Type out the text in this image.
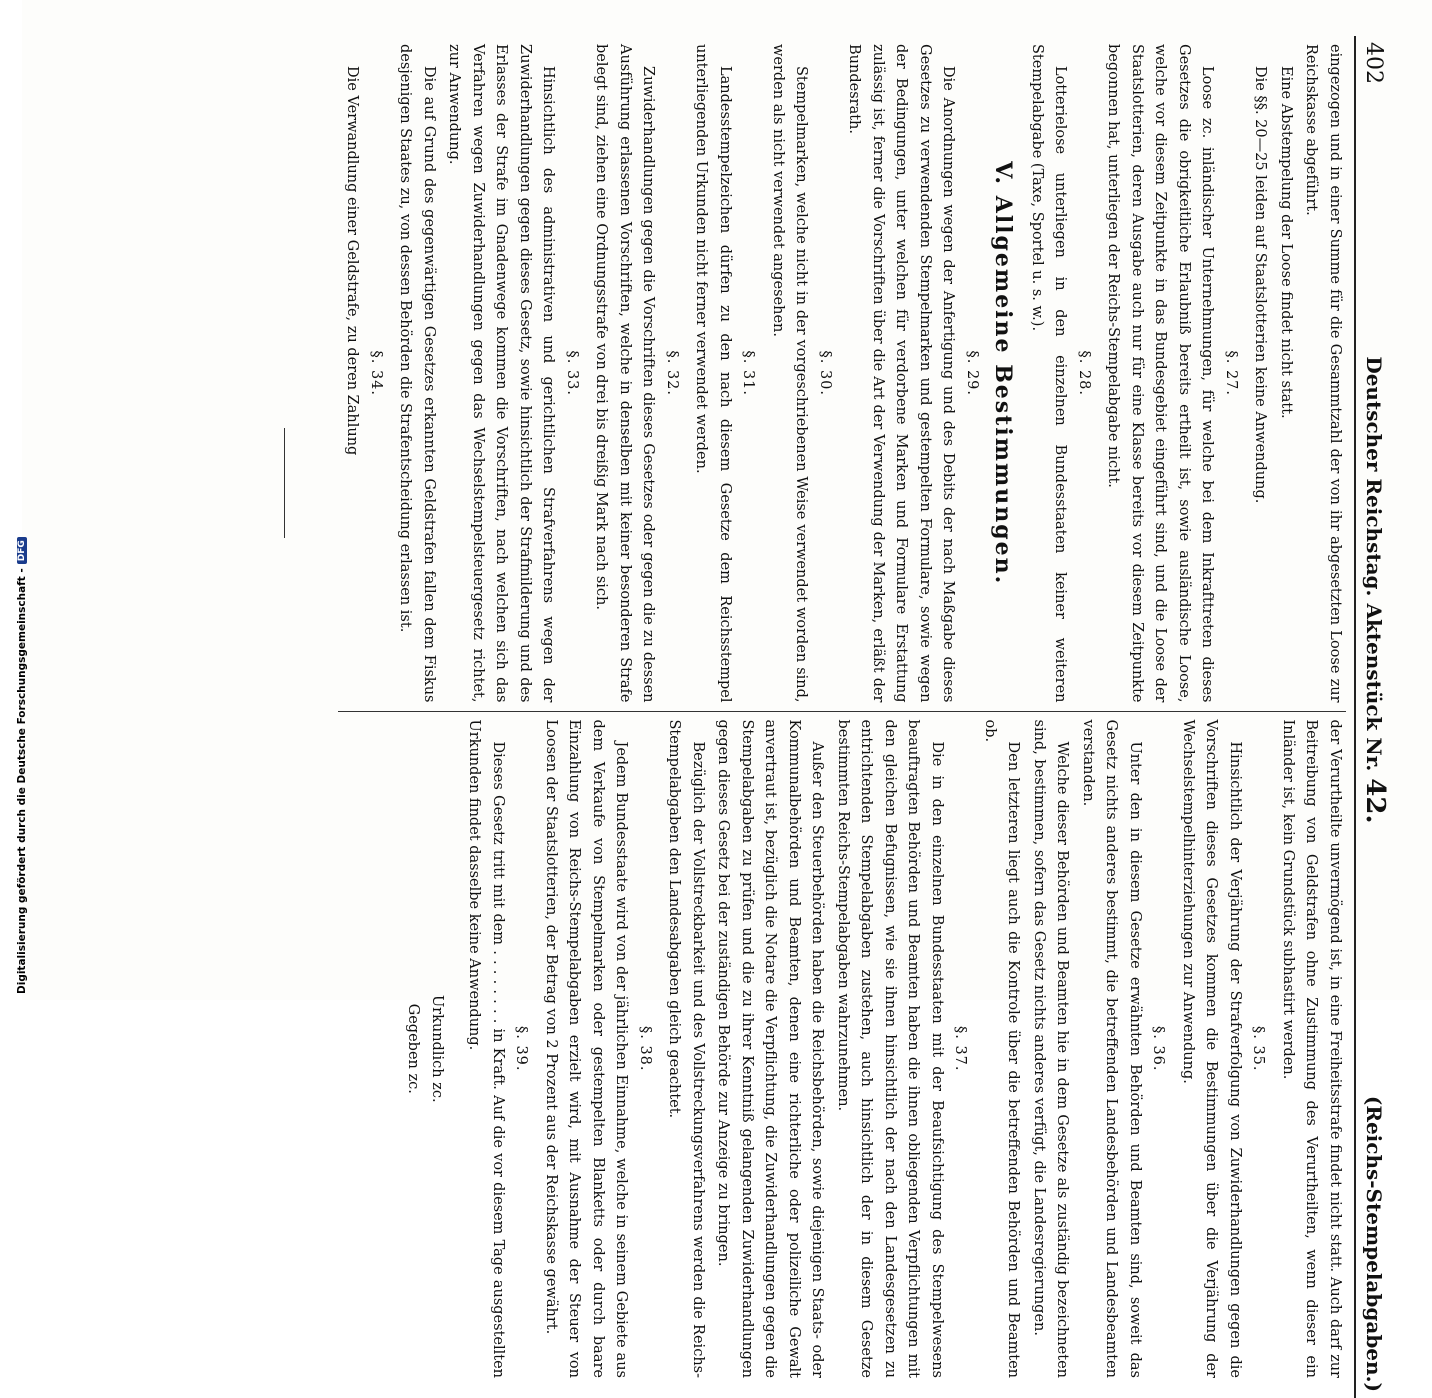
Digitalisierung gefördert durch die Deutsche Forschungsgemeinschaft -
DFG
402
Deutscher Reichstag. Aktenstück Nr. 42.
(Reichs-Stempelabgaben.)

eingezogen und in einer Summe für die Gesammtzahl der von ihr abgesetzten Loose zur Reichskasse abgeführt.

Eine Abstempelung der Loose findet nicht statt.

Die §§. 20—25 leiden auf Staatslotterien keine Anwendung.

§. 27.

Loose zc. inländischer Unternehmungen, für welche bei dem Inkrafttreten dieses Gesetzes die obrigkeitliche Erlaubniß bereits ertheilt ist, sowie ausländische Loose, welche vor diesem Zeitpunkte in das Bundesgebiet eingeführt sind, und die Loose der Staatslotterien, deren Ausgabe auch nur für eine Klasse bereits vor diesem Zeitpunkte begonnen hat, unterliegen der Reichs-Stempelabgabe nicht.

§. 28.

Lotterielose unterliegen in den einzelnen Bundesstaaten keiner weiteren Stempelabgabe (Taxe, Sportel u. s. w.).

V. Allgemeine Bestimmungen.
§. 29.

Die Anordnungen wegen der Anfertigung und des Debits der nach Maßgabe dieses Gesetzes zu verwendenden Stempelmarken und gestempelten Formulare, sowie wegen der Bedingungen, unter welchen für verdorbene Marken und Formulare Erstattung zulässig ist, ferner die Vorschriften über die Art der Verwendung der Marken, erläßt der Bundesrath.

§. 30.

Stempelmarken, welche nicht in der vorgeschriebenen Weise verwendet worden sind, werden als nicht verwendet angesehen.

§. 31.

Landesstempelzeichen dürfen zu den nach diesem Gesetze dem Reichsstempel unterliegenden Urkunden nicht ferner verwendet werden.

§. 32.

Zuwiderhandlungen gegen die Vorschriften dieses Gesetzes oder gegen die zu dessen Ausführung erlassenen Vorschriften, welche in denselben mit keiner besonderen Strafe belegt sind, ziehen eine Ordnungsstrafe von drei bis dreißig Mark nach sich.

§. 33.

Hinsichtlich des administrativen und gerichtlichen Strafverfahrens wegen der Zuwiderhandlungen gegen dieses Gesetz, sowie hinsichtlich der Strafmilderung und des Erlasses der Strafe im Gnadenwege kommen die Vorschriften, nach welchen sich das Verfahren wegen Zuwiderhandlungen gegen das Wechselstempelsteuergesetz richtet, zur Anwendung.

Die auf Grund des gegenwärtigen Gesetzes erkannten Geldstrafen fallen dem Fiskus desjenigen Staates zu, von dessen Behörden die Strafentscheidung erlassen ist.

§. 34.

Die Verwandlung einer Geldstrafe, zu deren Zahlung

der Verurtheilte unvermögend ist, in eine Freiheitsstrafe findet nicht statt. Auch darf zur Beitreibung von Geldstrafen ohne Zustimmung des Verurtheilten, wenn dieser ein Inländer ist, kein Grundstück subhastirt werden.

§. 35.

Hinsichtlich der Verjährung der Strafverfolgung von Zuwiderhandlungen gegen die Vorschriften dieses Gesetzes kommen die Bestimmungen über die Verjährung der Wechselstempelhinterziehungen zur Anwendung.

§. 36.

Unter den in diesem Gesetze erwähnten Behörden und Beamten sind, soweit das Gesetz nichts anderes bestimmt, die betreffenden Landesbehörden und Landesbeamten verstanden.

Welche dieser Behörden und Beamten hie in dem Gesetze als zuständig bezeichneten sind, bestimmen, sofern das Gesetz nichts anderes verfügt, die Landesregierungen.

Den letzteren liegt auch die Kontrole über die betreffenden Behörden und Beamten ob.

§. 37.

Die in den einzelnen Bundesstaaten mit der Beaufsichtigung des Stempelwesens beauftragten Behörden und Beamten haben die ihnen obliegenden Verpflichtungen mit den gleichen Befugnissen, wie sie ihnen hinsichtlich der nach den Landesgesetzen zu entrichtenden Stempelabgaben zustehen, auch hinsichtlich der in diesem Gesetze bestimmten Reichs-Stempelabgaben wahrzunehmen.

Außer den Steuerbehörden haben die Reichsbehörden, sowie diejenigen Staats- oder Kommunalbehörden und Beamten, denen eine richterliche oder polizeiliche Gewalt anvertraut ist, bezüglich die Notare die Verpflichtung, die Zuwiderhandlungen gegen die Stempelabgaben zu prüfen und die zu ihrer Kenntniß gelangenden Zuwiderhandlungen gegen dieses Gesetz bei der zuständigen Behörde zur Anzeige zu bringen.

Bezüglich der Vollstreckbarkeit und des Vollstreckungsverfahrens werden die Reichs-Stempelabgaben den Landesabgaben gleich geachtet.

§. 38.

Jedem Bundesstaate wird von der jährlichen Einnahme, welche in seinem Gebiete aus dem Verkaufe von Stempelmarken oder gestempelten Blanketts oder durch baare Einzahlung von Reichs-Stempelabgaben erzielt wird, mit Ausnahme der Steuer von Loosen der Staatslotterien, der Betrag von 2 Prozent aus der Reichskasse gewährt.

§. 39.

Dieses Gesetz tritt mit dem . . . . . . . . in Kraft. Auf die vor diesem Tage ausgestellten Urkunden findet dasselbe keine Anwendung.

Urkundlich zc.
Gegeben zc.
